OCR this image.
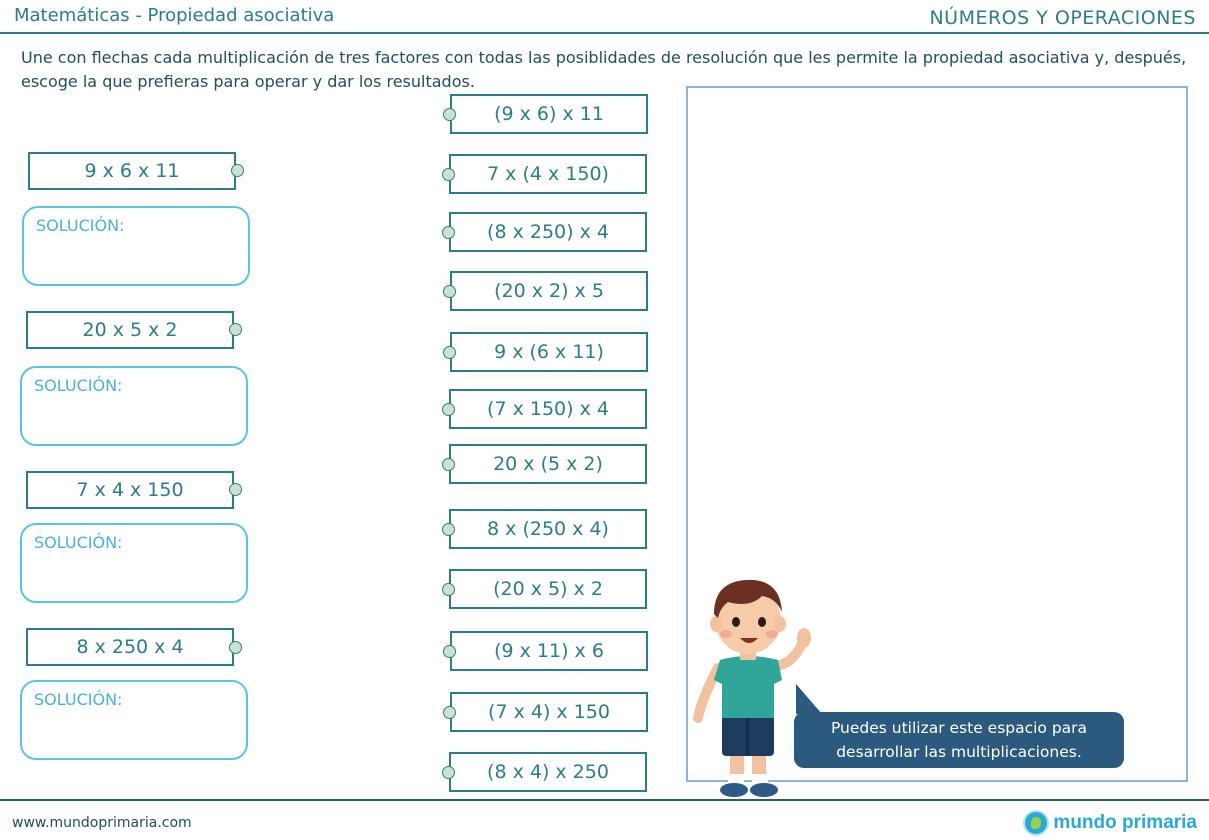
Matemáticas - Propiedad asociativa	NÚMEROS Y OPERACIONES
Une con flechas cada multiplicación de tres factores con todas las posiblidades de resolución que les permite la propiedad asociativa y, después, escoge la que prefieras para operar y dar los resultados.
9 x 6 x 11
SOLUCIÓN:
20 x 5 x 2
SOLUCIÓN:
7 x 4 x 150
SOLUCIÓN:
8 x 250 x 4
SOLUCIÓN:
(9 x 6) x 11
7 x (4 x 150)
(8 x 250) x 4
(20 x 2) x 5
9 x (6 x 11)
(7 x 150) x 4
20 x (5 x 2)
8 x (250 x 4)
(20 x 5) x 2
(9 x 11) x 6
(7 x 4) x 150
(8 x 4) x 250
Puedes utilizar este espacio para
desarrollar las multiplicaciones.
www.mundoprimaria.com	mundo primaria
